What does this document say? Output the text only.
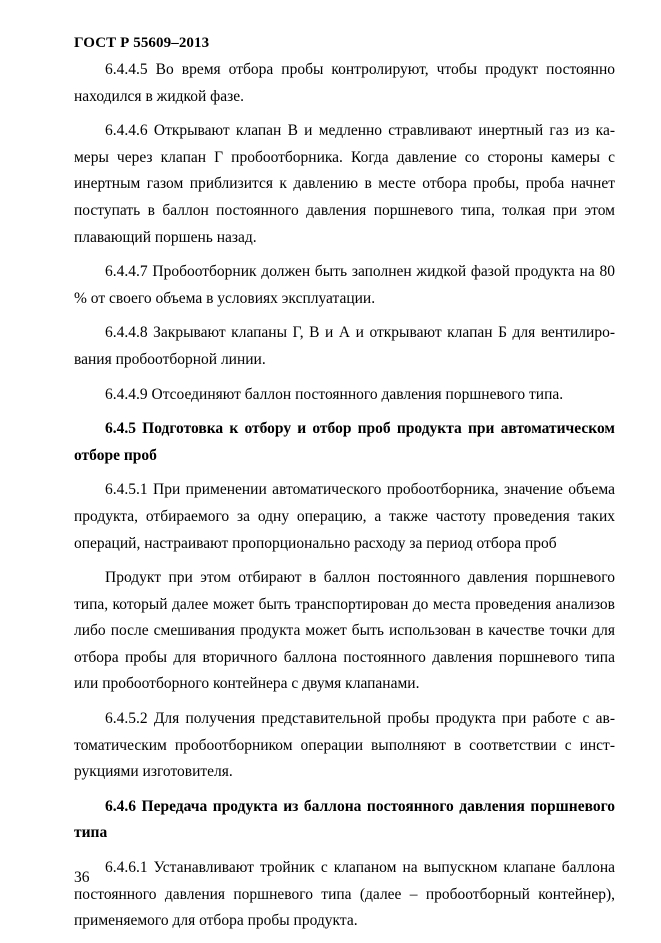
ГОСТ Р 55609–2013

6.4.4.5 Во время отбора пробы контролируют, чтобы продукт постоянно находился в жидкой фазе.

6.4.4.6 Открывают клапан В и медленно стравливают инертный газ из камеры через клапан Г пробоотборника. Когда давление со стороны камеры с инертным газом приблизится к давлению в месте отбора пробы, проба начнет поступать в баллон постоянного давления поршневого типа, толкая при этом плавающий поршень назад.

6.4.4.7 Пробоотборник должен быть заполнен жидкой фазой продукта на 80 % от своего объема в условиях эксплуатации.

6.4.4.8 Закрывают клапаны Г, В и А и открывают клапан Б для вентилирования пробоотборной линии.

6.4.4.9 Отсоединяют баллон постоянного давления поршневого типа.

6.4.5 Подготовка к отбору и отбор проб продукта при автоматическом отборе проб

6.4.5.1 При применении автоматического пробоотборника, значение объема продукта, отбираемого за одну операцию, а также частоту проведения таких операций, настраивают пропорционально расходу за период отбора проб

Продукт при этом отбирают в баллон постоянного давления поршневого типа, который далее может быть транспортирован до места проведения анализов либо после смешивания продукта может быть использован в качестве точки для отбора пробы для вторичного баллона постоянного давления поршневого типа или пробоотборного контейнера с двумя клапанами.

6.4.5.2 Для получения представительной пробы продукта при работе с автоматическим пробоотборником операции выполняют в соответствии с инструкциями изготовителя.

6.4.6 Передача продукта из баллона постоянного давления поршневого типа

6.4.6.1 Устанавливают тройник с клапаном на выпускном клапане баллона постоянного давления поршневого типа (далее – пробоотборный контейнер), применяемого для отбора пробы продукта.

36
